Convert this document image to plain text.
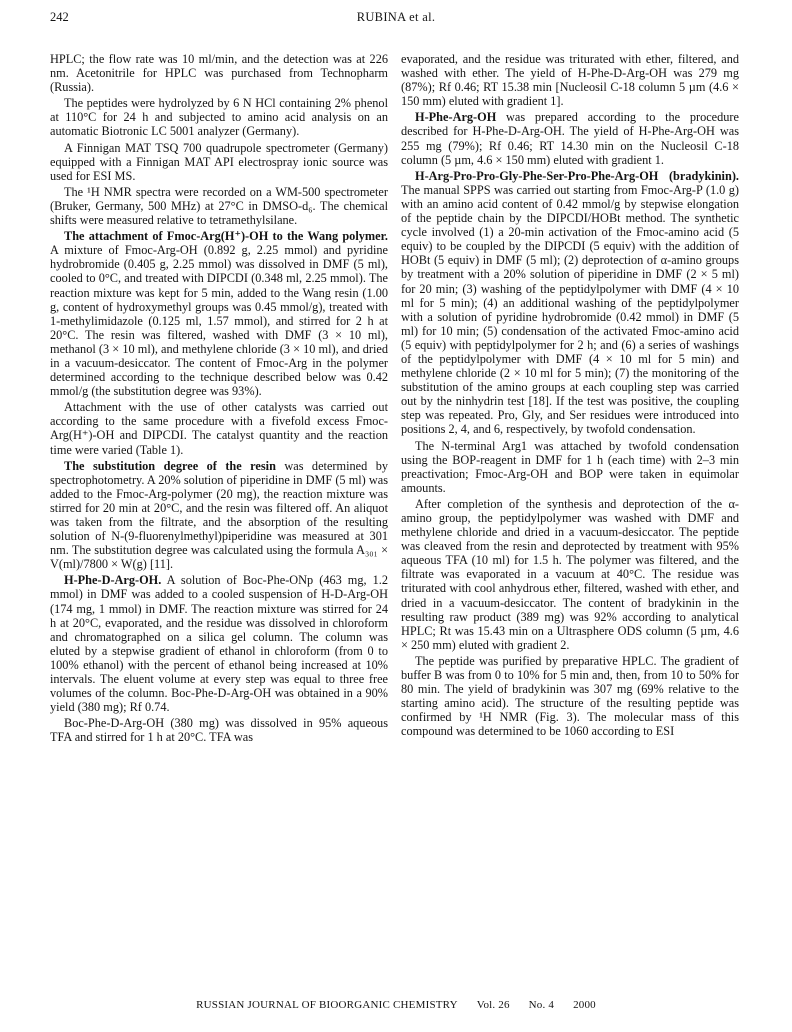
242	RUBINA et al.

HPLC; the flow rate was 10 ml/min, and the detection was at 226 nm. Acetonitrile for HPLC was purchased from Technopharm (Russia).

The peptides were hydrolyzed by 6 N HCl containing 2% phenol at 110°C for 24 h and subjected to amino acid analysis on an automatic Biotronic LC 5001 analyzer (Germany).

A Finnigan MAT TSQ 700 quadrupole spectrometer (Germany) equipped with a Finnigan MAT API electrospray ionic source was used for ESI MS.

The ¹H NMR spectra were recorded on a WM-500 spectrometer (Bruker, Germany, 500 MHz) at 27°C in DMSO-d₆. The chemical shifts were measured relative to tetramethylsilane.

The attachment of Fmoc-Arg(H⁺)-OH to the Wang polymer. A mixture of Fmoc-Arg-OH (0.892 g, 2.25 mmol) and pyridine hydrobromide (0.405 g, 2.25 mmol) was dissolved in DMF (5 ml), cooled to 0°C, and treated with DIPCDI (0.348 ml, 2.25 mmol). The reaction mixture was kept for 5 min, added to the Wang resin (1.00 g, content of hydroxymethyl groups was 0.45 mmol/g), treated with 1-methylimidazole (0.125 ml, 1.57 mmol), and stirred for 2 h at 20°C. The resin was filtered, washed with DMF (3 × 10 ml), methanol (3 × 10 ml), and methylene chloride (3 × 10 ml), and dried in a vacuum-desiccator. The content of Fmoc-Arg in the polymer determined according to the technique described below was 0.42 mmol/g (the substitution degree was 93%).

Attachment with the use of other catalysts was carried out according to the same procedure with a fivefold excess Fmoc-Arg(H⁺)-OH and DIPCDI. The catalyst quantity and the reaction time were varied (Table 1).

The substitution degree of the resin was determined by spectrophotometry. A 20% solution of piperidine in DMF (5 ml) was added to the Fmoc-Arg-polymer (20 mg), the reaction mixture was stirred for 20 min at 20°C, and the resin was filtered off. An aliquot was taken from the filtrate, and the absorption of the resulting solution of N-(9-fluorenylmethyl)piperidine was measured at 301 nm. The substitution degree was calculated using the formula A₃₀₁ × V(ml)/7800 × W(g) [11].

H-Phe-D-Arg-OH. A solution of Boc-Phe-ONp (463 mg, 1.2 mmol) in DMF was added to a cooled suspension of H-D-Arg-OH (174 mg, 1 mmol) in DMF. The reaction mixture was stirred for 24 h at 20°C, evaporated, and the residue was dissolved in chloroform and chromatographed on a silica gel column. The column was eluted by a stepwise gradient of ethanol in chloroform (from 0 to 100% ethanol) with the percent of ethanol being increased at 10% intervals. The eluent volume at every step was equal to three free volumes of the column. Boc-Phe-D-Arg-OH was obtained in a 90% yield (380 mg); Rf 0.74.

Boc-Phe-D-Arg-OH (380 mg) was dissolved in 95% aqueous TFA and stirred for 1 h at 20°C. TFA was

evaporated, and the residue was triturated with ether, filtered, and washed with ether. The yield of H-Phe-D-Arg-OH was 279 mg (87%); Rf 0.46; RT 15.38 min [Nucleosil C-18 column 5 µm (4.6 × 150 mm) eluted with gradient 1].

H-Phe-Arg-OH was prepared according to the procedure described for H-Phe-D-Arg-OH. The yield of H-Phe-Arg-OH was 255 mg (79%); Rf 0.46; RT 14.30 min on the Nucleosil C-18 column (5 µm, 4.6 × 150 mm) eluted with gradient 1.

H-Arg-Pro-Pro-Gly-Phe-Ser-Pro-Phe-Arg-OH (bradykinin). The manual SPPS was carried out starting from Fmoc-Arg-P (1.0 g) with an amino acid content of 0.42 mmol/g by stepwise elongation of the peptide chain by the DIPCDI/HOBt method. The synthetic cycle involved (1) a 20-min activation of the Fmoc-amino acid (5 equiv) to be coupled by the DIPCDI (5 equiv) with the addition of HOBt (5 equiv) in DMF (5 ml); (2) deprotection of α-amino groups by treatment with a 20% solution of piperidine in DMF (2 × 5 ml) for 20 min; (3) washing of the peptidylpolymer with DMF (4 × 10 ml for 5 min); (4) an additional washing of the peptidylpolymer with a solution of pyridine hydrobromide (0.42 mmol) in DMF (5 ml) for 10 min; (5) condensation of the activated Fmoc-amino acid (5 equiv) with peptidylpolymer for 2 h; and (6) a series of washings of the peptidylpolymer with DMF (4 × 10 ml for 5 min) and methylene chloride (2 × 10 ml for 5 min); (7) the monitoring of the substitution of the amino groups at each coupling step was carried out by the ninhydrin test [18]. If the test was positive, the coupling step was repeated. Pro, Gly, and Ser residues were introduced into positions 2, 4, and 6, respectively, by twofold condensation.

The N-terminal Arg1 was attached by twofold condensation using the BOP-reagent in DMF for 1 h (each time) with 2–3 min preactivation; Fmoc-Arg-OH and BOP were taken in equimolar amounts.

After completion of the synthesis and deprotection of the α-amino group, the peptidylpolymer was washed with DMF and methylene chloride and dried in a vacuum-desiccator. The peptide was cleaved from the resin and deprotected by treatment with 95% aqueous TFA (10 ml) for 1.5 h. The polymer was filtered, and the filtrate was evaporated in a vacuum at 40°C. The residue was triturated with cool anhydrous ether, filtered, washed with ether, and dried in a vacuum-desiccator. The content of bradykinin in the resulting raw product (389 mg) was 92% according to analytical HPLC; Rt was 15.43 min on a Ultrasphere ODS column (5 µm, 4.6 × 250 mm) eluted with gradient 2.

The peptide was purified by preparative HPLC. The gradient of buffer B was from 0 to 10% for 5 min and, then, from 10 to 50% for 80 min. The yield of bradykinin was 307 mg (69% relative to the starting amino acid). The structure of the resulting peptide was confirmed by ¹H NMR (Fig. 3). The molecular mass of this compound was determined to be 1060 according to ESI

RUSSIAN JOURNAL OF BIOORGANIC CHEMISTRY Vol. 26 No. 4 2000
